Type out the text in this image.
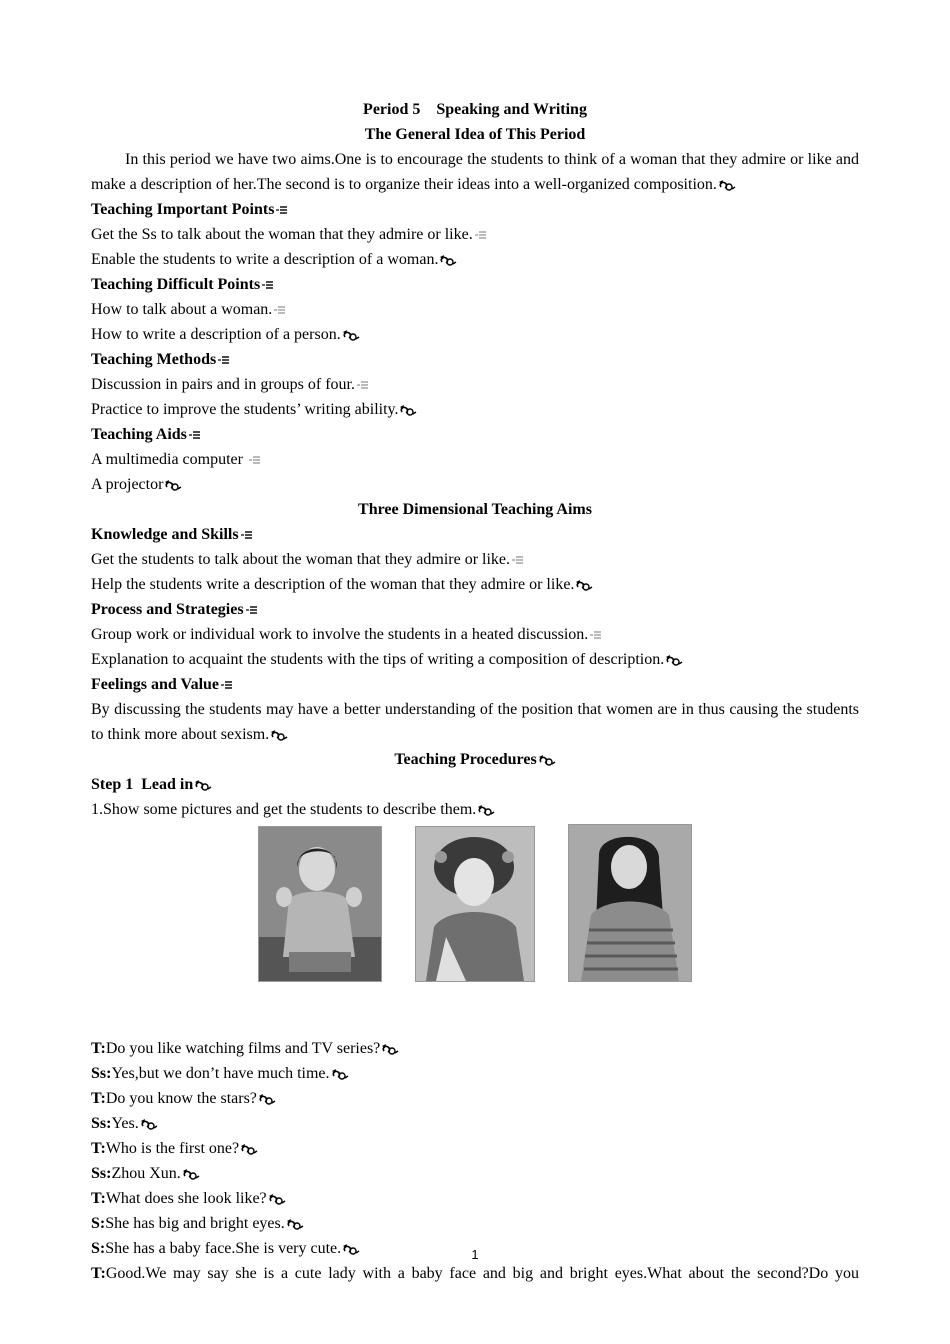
Period 5    Speaking and Writing
The General Idea of This Period
In this period we have two aims.One is to encourage the students to think of a woman that they admire or like and make a description of her.The second is to organize their ideas into a well-organized composition.
Teaching Important Points
Get the Ss to talk about the woman that they admire or like.
Enable the students to write a description of a woman.
Teaching Difficult Points
How to talk about a woman.
How to write a description of a person.
Teaching Methods
Discussion in pairs and in groups of four.
Practice to improve the students’ writing ability.
Teaching Aids
A multimedia computer
A projector
Three Dimensional Teaching Aims
Knowledge and Skills
Get the students to talk about the woman that they admire or like.
Help the students write a description of the woman that they admire or like.
Process and Strategies
Group work or individual work to involve the students in a heated discussion.
Explanation to acquaint the students with the tips of writing a composition of description.
Feelings and Value
By discussing the students may have a better understanding of the position that women are in thus causing the students to think more about sexism.
Teaching Procedures
Step 1  Lead in
1.Show some pictures and get the students to describe them.
T:Do you like watching films and TV series?
Ss:Yes,but we don’t have much time.
T:Do you know the stars?
Ss:Yes.
T:Who is the first one?
Ss:Zhou Xun.
T:What does she look like?
S:She has big and bright eyes.
S:She has a baby face.She is very cute.
T:Good.We may say she is a cute lady with a baby face and big and bright eyes.What about the second?Do you
1
